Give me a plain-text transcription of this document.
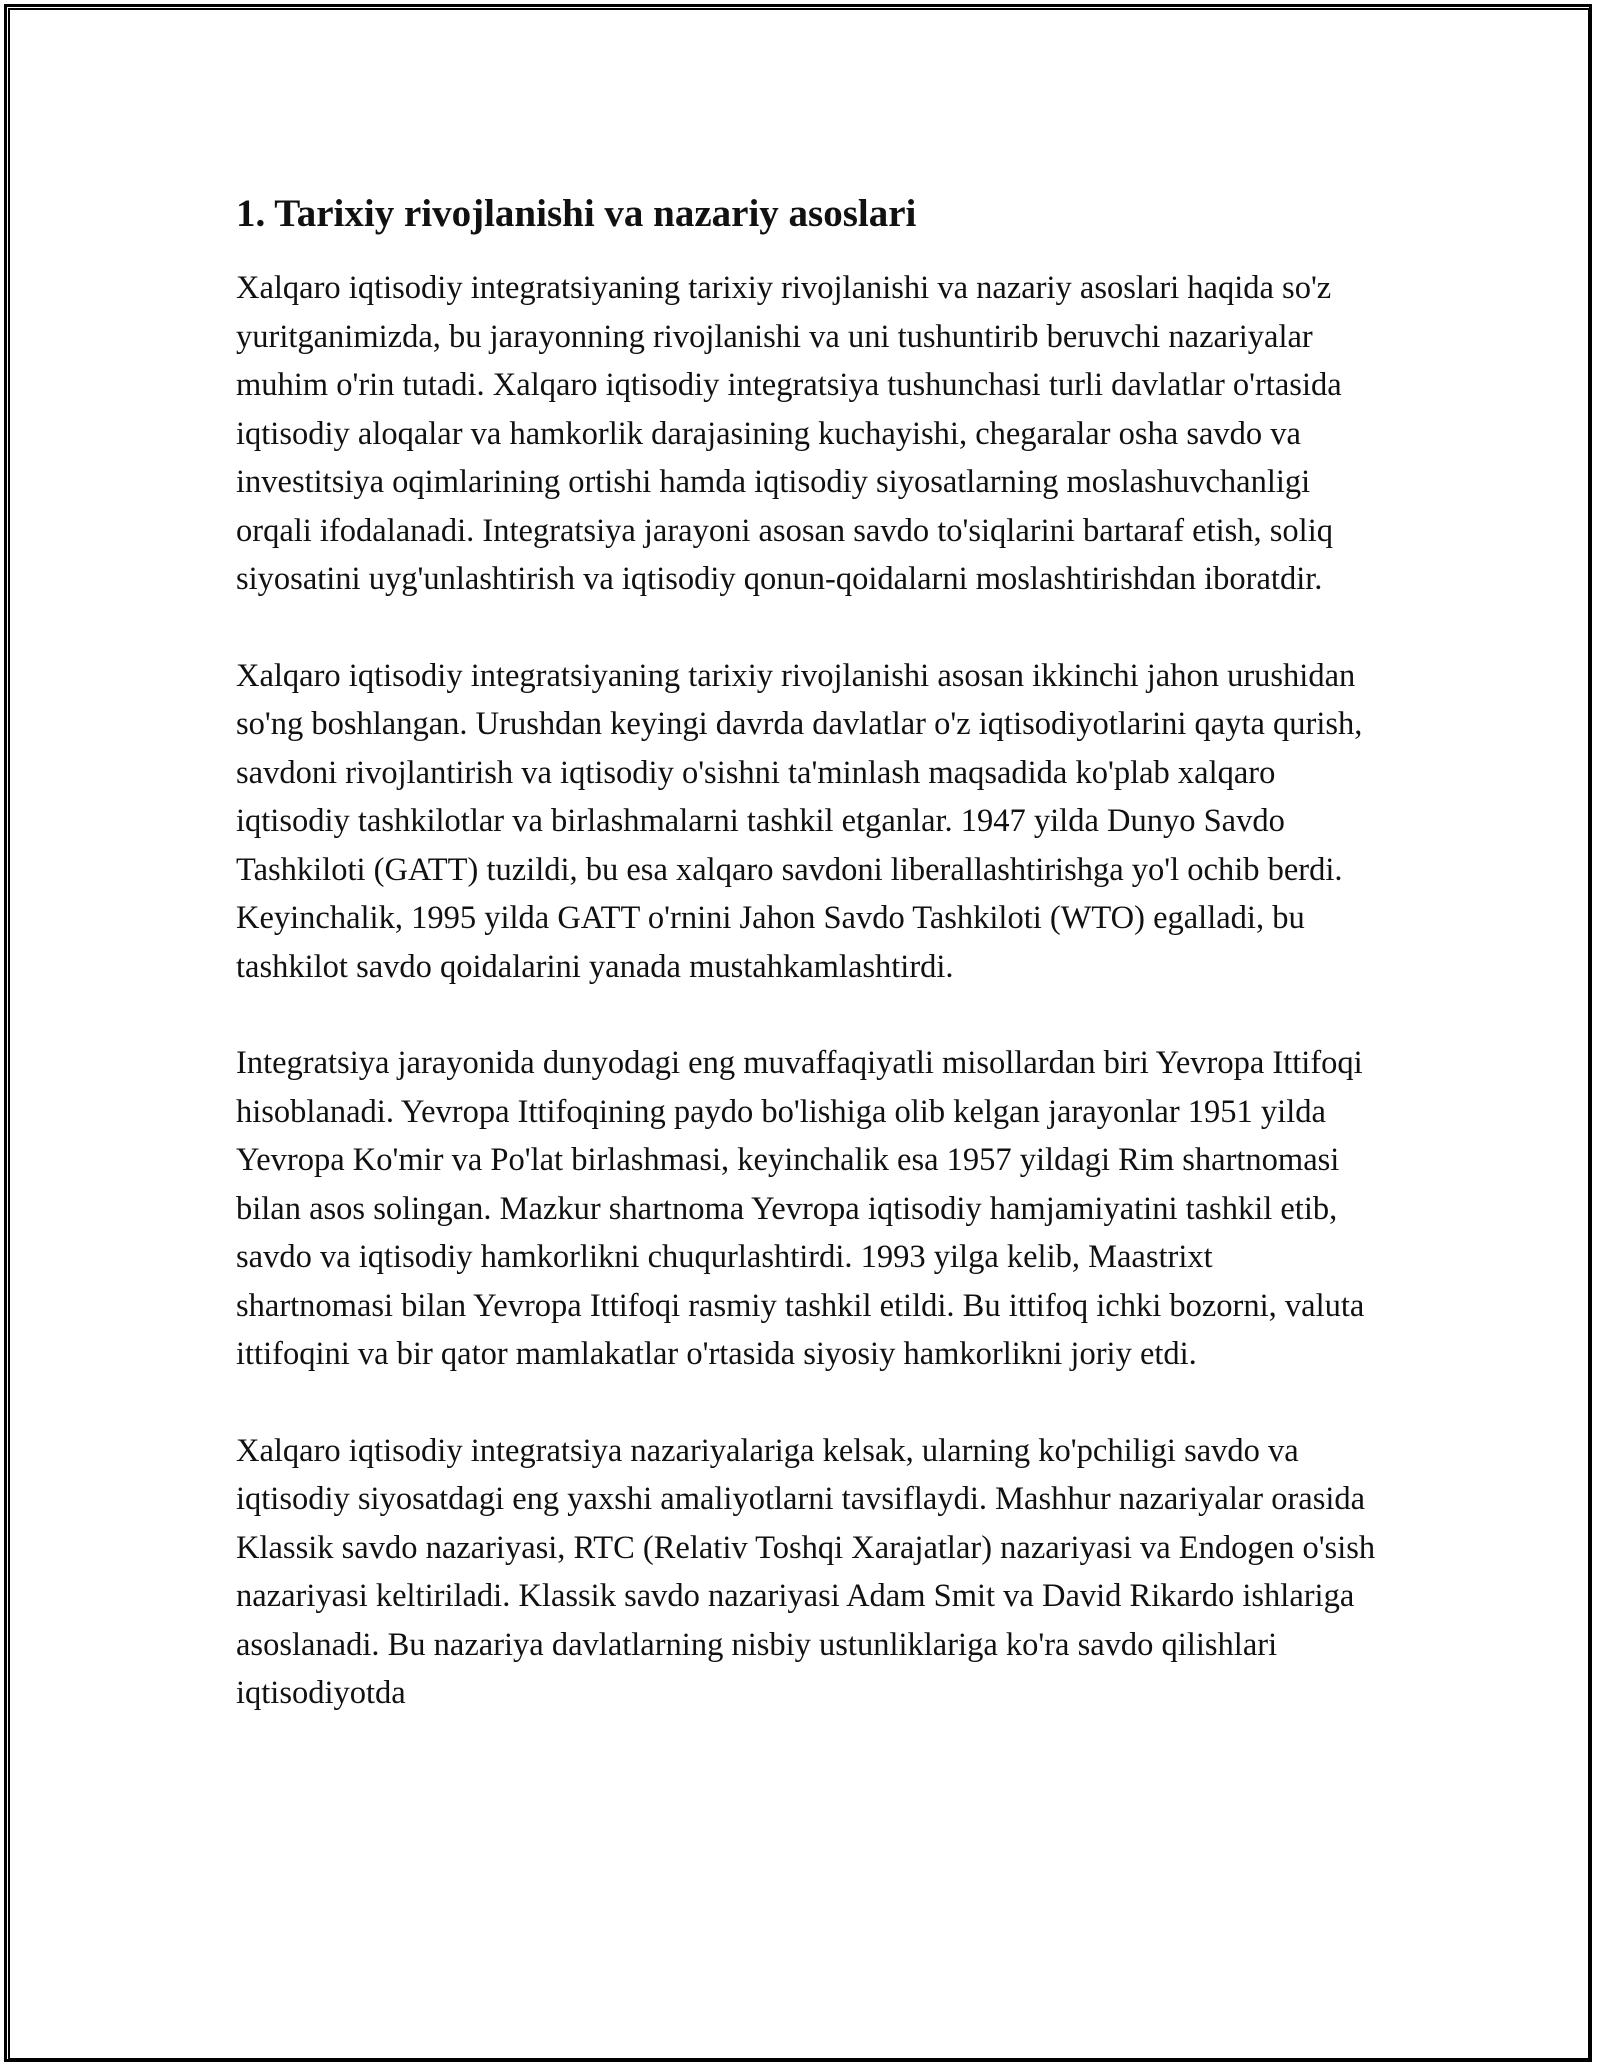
1. Tarixiy rivojlanishi va nazariy asoslari

Xalqaro iqtisodiy integratsiyaning tarixiy rivojlanishi va nazariy asoslari haqida so'z yuritganimizda, bu jarayonning rivojlanishi va uni tushuntirib beruvchi nazariyalar muhim o'rin tutadi. Xalqaro iqtisodiy integratsiya tushunchasi turli davlatlar o'rtasida iqtisodiy aloqalar va hamkorlik darajasining kuchayishi, chegaralar osha savdo va investitsiya oqimlarining ortishi hamda iqtisodiy siyosatlarning moslashuvchanligi orqali ifodalanadi. Integratsiya jarayoni asosan savdo to'siqlarini bartaraf etish, soliq siyosatini uyg'unlashtirish va iqtisodiy qonun-qoidalarni moslashtirishdan iboratdir.

Xalqaro iqtisodiy integratsiyaning tarixiy rivojlanishi asosan ikkinchi jahon urushidan so'ng boshlangan. Urushdan keyingi davrda davlatlar o'z iqtisodiyotlarini qayta qurish, savdoni rivojlantirish va iqtisodiy o'sishni ta'minlash maqsadida ko'plab xalqaro iqtisodiy tashkilotlar va birlashmalarni tashkil etganlar. 1947 yilda Dunyo Savdo Tashkiloti (GATT) tuzildi, bu esa xalqaro savdoni liberallashtirishga yo'l ochib berdi. Keyinchalik, 1995 yilda GATT o'rnini Jahon Savdo Tashkiloti (WTO) egalladi, bu tashkilot savdo qoidalarini yanada mustahkamlashtirdi.

Integratsiya jarayonida dunyodagi eng muvaffaqiyatli misollardan biri Yevropa Ittifoqi hisoblanadi. Yevropa Ittifoqining paydo bo'lishiga olib kelgan jarayonlar 1951 yilda Yevropa Ko'mir va Po'lat birlashmasi, keyinchalik esa 1957 yildagi Rim shartnomasi bilan asos solingan. Mazkur shartnoma Yevropa iqtisodiy hamjamiyatini tashkil etib, savdo va iqtisodiy hamkorlikni chuqurlashtirdi. 1993 yilga kelib, Maastrixt shartnomasi bilan Yevropa Ittifoqi rasmiy tashkil etildi. Bu ittifoq ichki bozorni, valuta ittifoqini va bir qator mamlakatlar o'rtasida siyosiy hamkorlikni joriy etdi.

Xalqaro iqtisodiy integratsiya nazariyalariga kelsak, ularning ko'pchiligi savdo va iqtisodiy siyosatdagi eng yaxshi amaliyotlarni tavsiflaydi. Mashhur nazariyalar orasida Klassik savdo nazariyasi, RTC (Relativ Toshqi Xarajatlar) nazariyasi va Endogen o'sish nazariyasi keltiriladi. Klassik savdo nazariyasi Adam Smit va David Rikardo ishlariga asoslanadi. Bu nazariya davlatlarning nisbiy ustunliklariga ko'ra savdo qilishlari iqtisodiyotda
